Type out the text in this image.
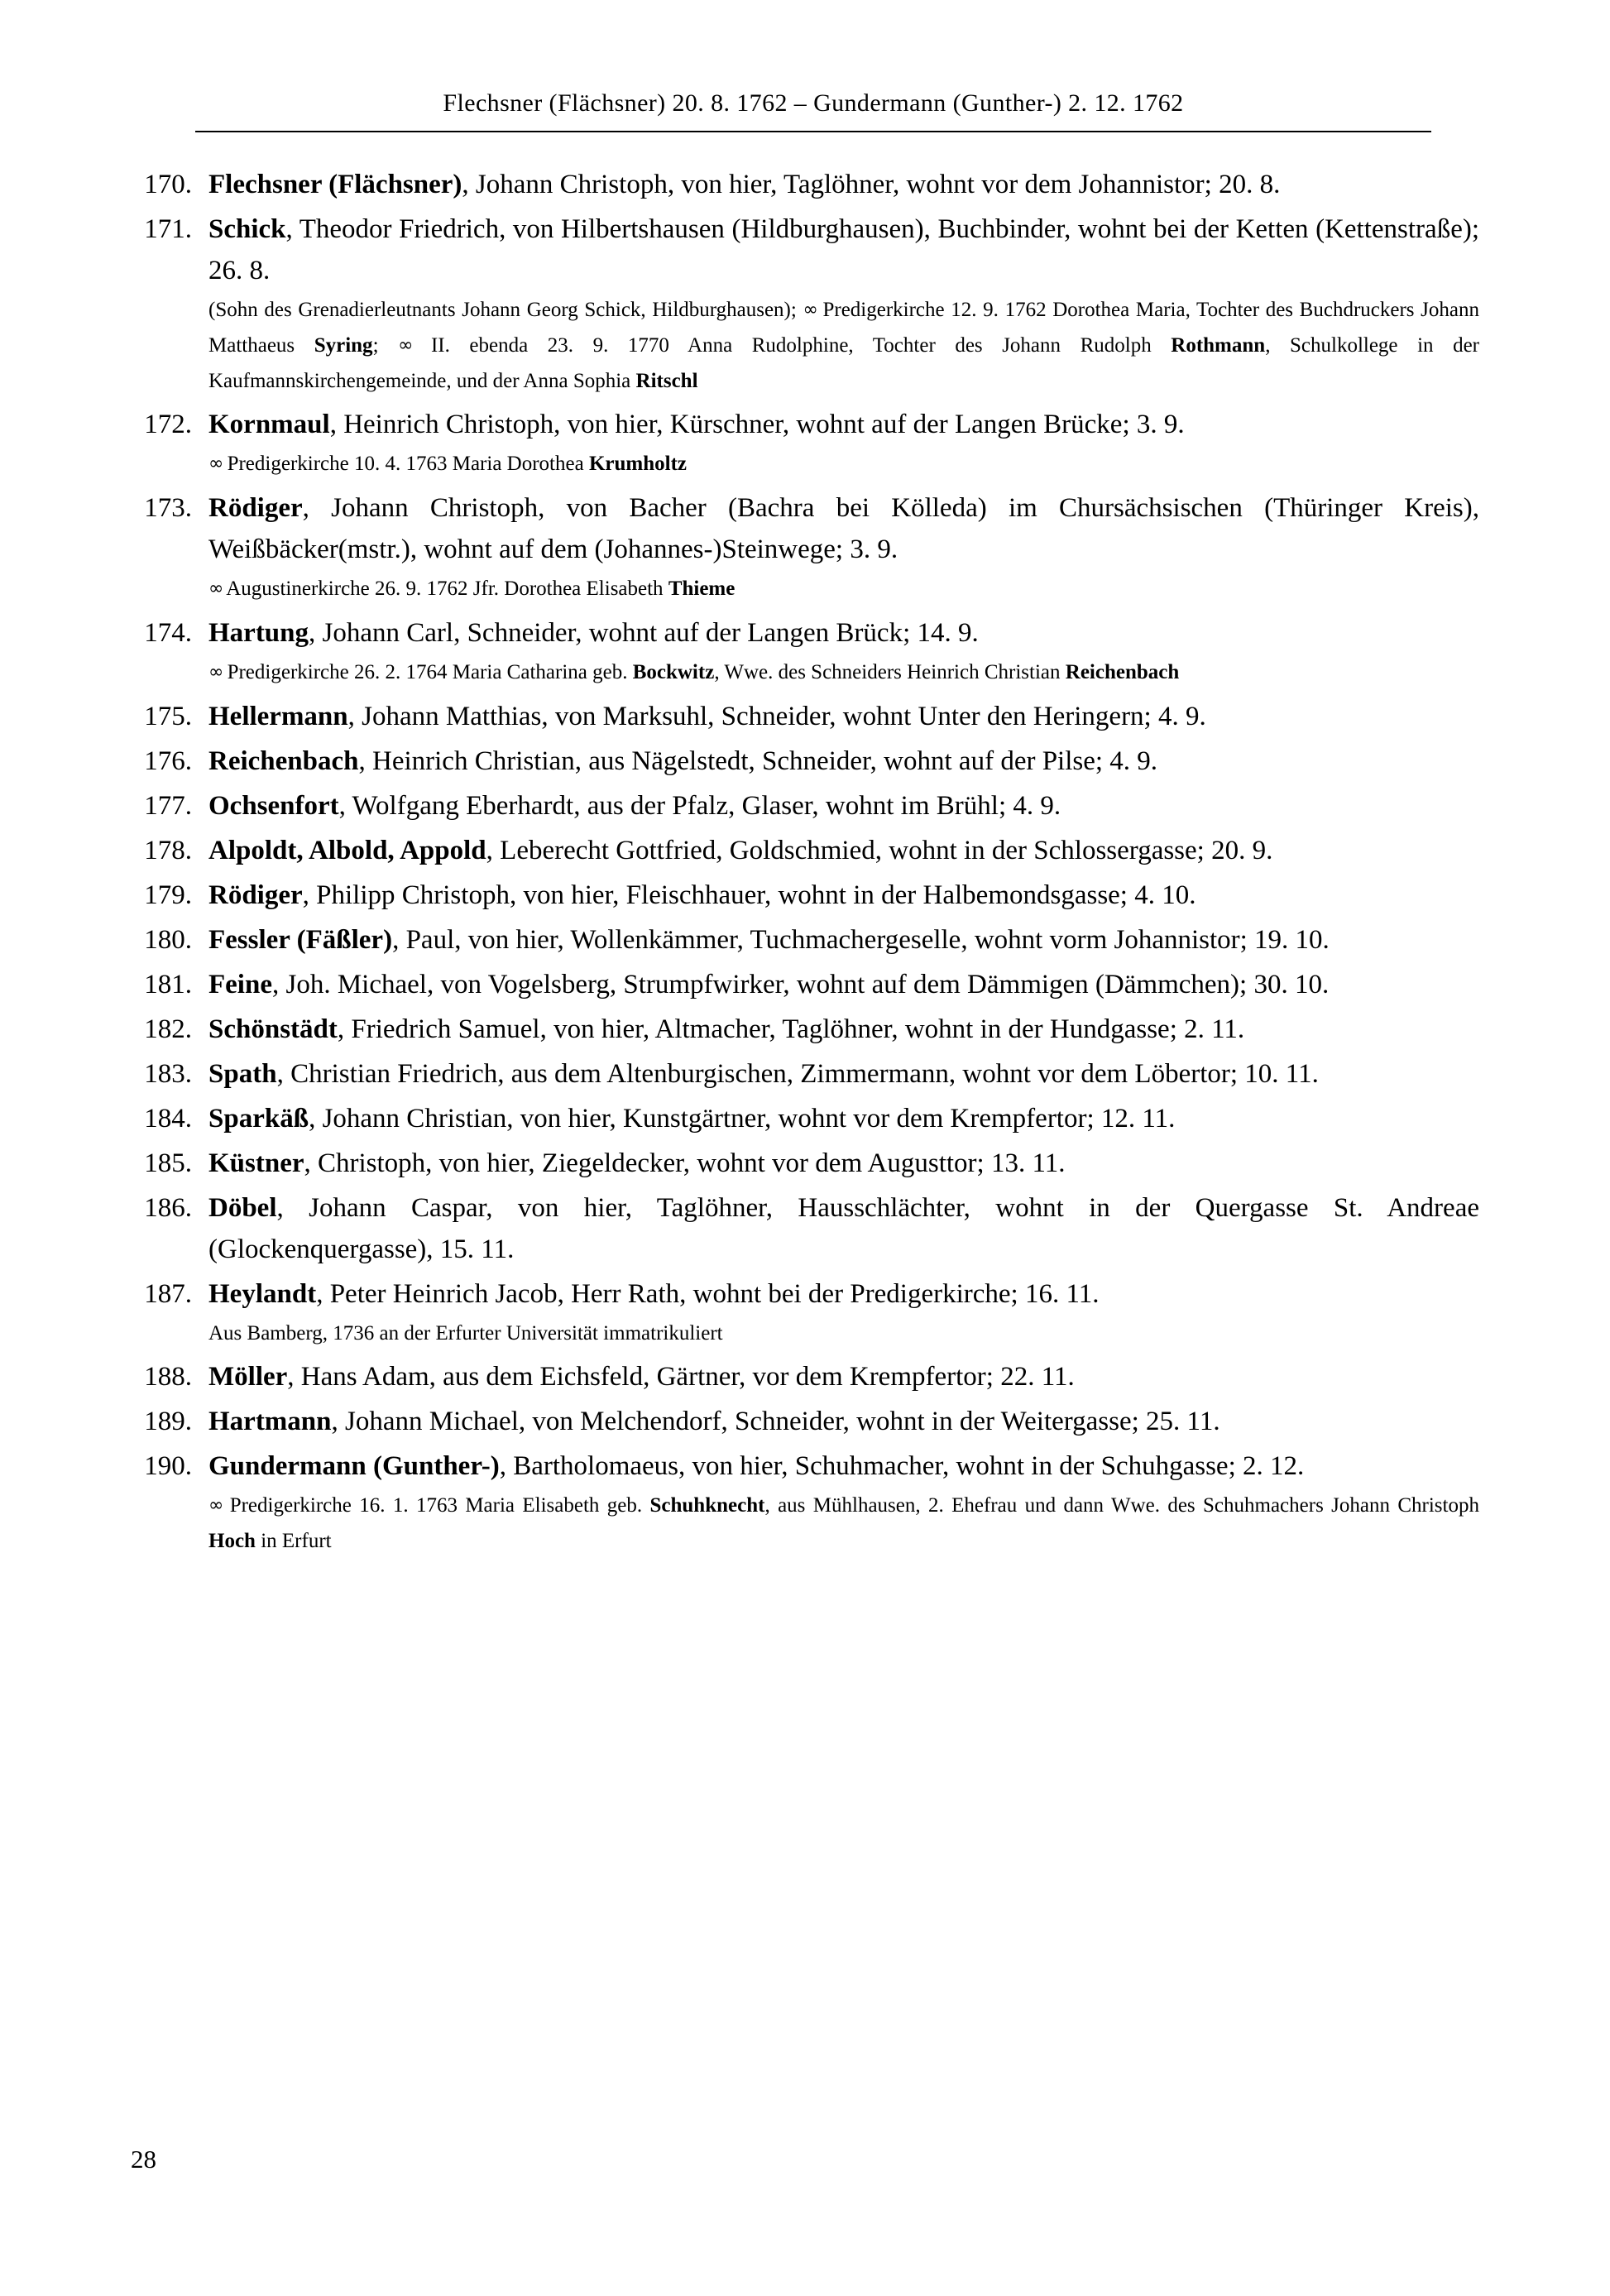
Flechsner (Flächsner) 20. 8. 1762 – Gundermann (Gunther-) 2. 12. 1762
170. Flechsner (Flächsner), Johann Christoph, von hier, Taglöhner, wohnt vor dem Johannistor; 20. 8.
171. Schick, Theodor Friedrich, von Hilbertshausen (Hildburghausen), Buchbinder, wohnt bei der Ketten (Kettenstraße); 26. 8.
(Sohn des Grenadierleutnants Johann Georg Schick, Hildburghausen); ∞ Predigerkirche 12. 9. 1762 Dorothea Maria, Tochter des Buchdruckers Johann Matthaeus Syring; ∞ II. ebenda 23. 9. 1770 Anna Rudolphine, Tochter des Johann Rudolph Rothmann, Schulkollege in der Kaufmannskirchengemeinde, und der Anna Sophia Ritschl
172. Kornmaul, Heinrich Christoph, von hier, Kürschner, wohnt auf der Langen Brücke; 3. 9.
∞ Predigerkirche 10. 4. 1763 Maria Dorothea Krumholtz
173. Rödiger, Johann Christoph, von Bacher (Bachra bei Kölleda) im Chursächsischen (Thüringer Kreis), Weißbäcker(mstr.), wohnt auf dem (Johannes-)Steinwege; 3. 9.
∞ Augustinerkirche 26. 9. 1762 Jfr. Dorothea Elisabeth Thieme
174. Hartung, Johann Carl, Schneider, wohnt auf der Langen Brück; 14. 9.
∞ Predigerkirche 26. 2. 1764 Maria Catharina geb. Bockwitz, Wwe. des Schneiders Heinrich Christian Reichenbach
175. Hellermann, Johann Matthias, von Marksuhl, Schneider, wohnt Unter den Heringern; 4. 9.
176. Reichenbach, Heinrich Christian, aus Nägelstedt, Schneider, wohnt auf der Pilse; 4. 9.
177. Ochsenfort, Wolfgang Eberhardt, aus der Pfalz, Glaser, wohnt im Brühl; 4. 9.
178. Alpoldt, Albold, Appold, Leberecht Gottfried, Goldschmied, wohnt in der Schlossergasse; 20. 9.
179. Rödiger, Philipp Christoph, von hier, Fleischhauer, wohnt in der Halbemondsgasse; 4. 10.
180. Fessler (Fäßler), Paul, von hier, Wollenkämmer, Tuchmachergeselle, wohnt vorm Johannistor; 19. 10.
181. Feine, Joh. Michael, von Vogelsberg, Strumpfwirker, wohnt auf dem Dämmigen (Dämmchen); 30. 10.
182. Schönstädt, Friedrich Samuel, von hier, Altmacher, Taglöhner, wohnt in der Hundgasse; 2. 11.
183. Spath, Christian Friedrich, aus dem Altenburgischen, Zimmermann, wohnt vor dem Löbertor; 10. 11.
184. Sparkäß, Johann Christian, von hier, Kunstgärtner, wohnt vor dem Krempfertor; 12. 11.
185. Küstner, Christoph, von hier, Ziegeldecker, wohnt vor dem Augusttor; 13. 11.
186. Döbel, Johann Caspar, von hier, Taglöhner, Hausschlächter, wohnt in der Quergasse St. Andreae (Glockenquergasse), 15. 11.
187. Heylandt, Peter Heinrich Jacob, Herr Rath, wohnt bei der Predigerkirche; 16. 11.
Aus Bamberg, 1736 an der Erfurter Universität immatrikuliert
188. Möller, Hans Adam, aus dem Eichsfeld, Gärtner, vor dem Krempfertor; 22. 11.
189. Hartmann, Johann Michael, von Melchendorf, Schneider, wohnt in der Weitergasse; 25. 11.
190. Gundermann (Gunther-), Bartholomaeus, von hier, Schuhmacher, wohnt in der Schuhgasse; 2. 12.
∞ Predigerkirche 16. 1. 1763 Maria Elisabeth geb. Schuhknecht, aus Mühlhausen, 2. Ehefrau und dann Wwe. des Schuhmachers Johann Christoph Hoch in Erfurt
28
